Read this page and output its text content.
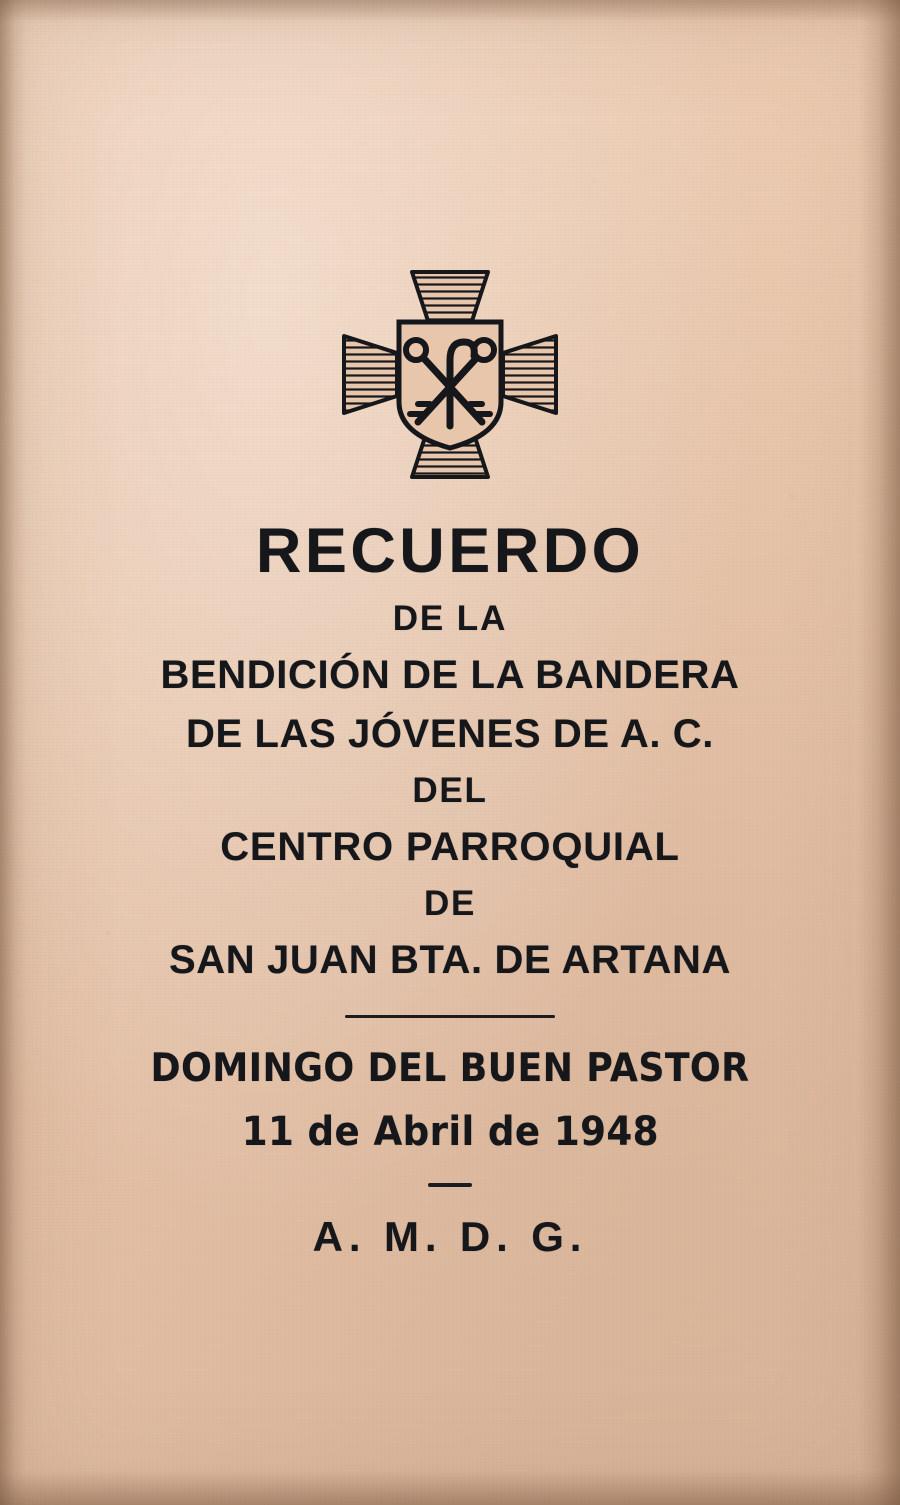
RECUERDO
DE LA
BENDICIÓN DE LA BANDERA
DE LAS JÓVENES DE A. C.
DEL
CENTRO PARROQUIAL
DE
SAN JUAN BTA. DE ARTANA
DOMINGO DEL BUEN PASTOR
11 de Abril de 1948
A. M. D. G.
